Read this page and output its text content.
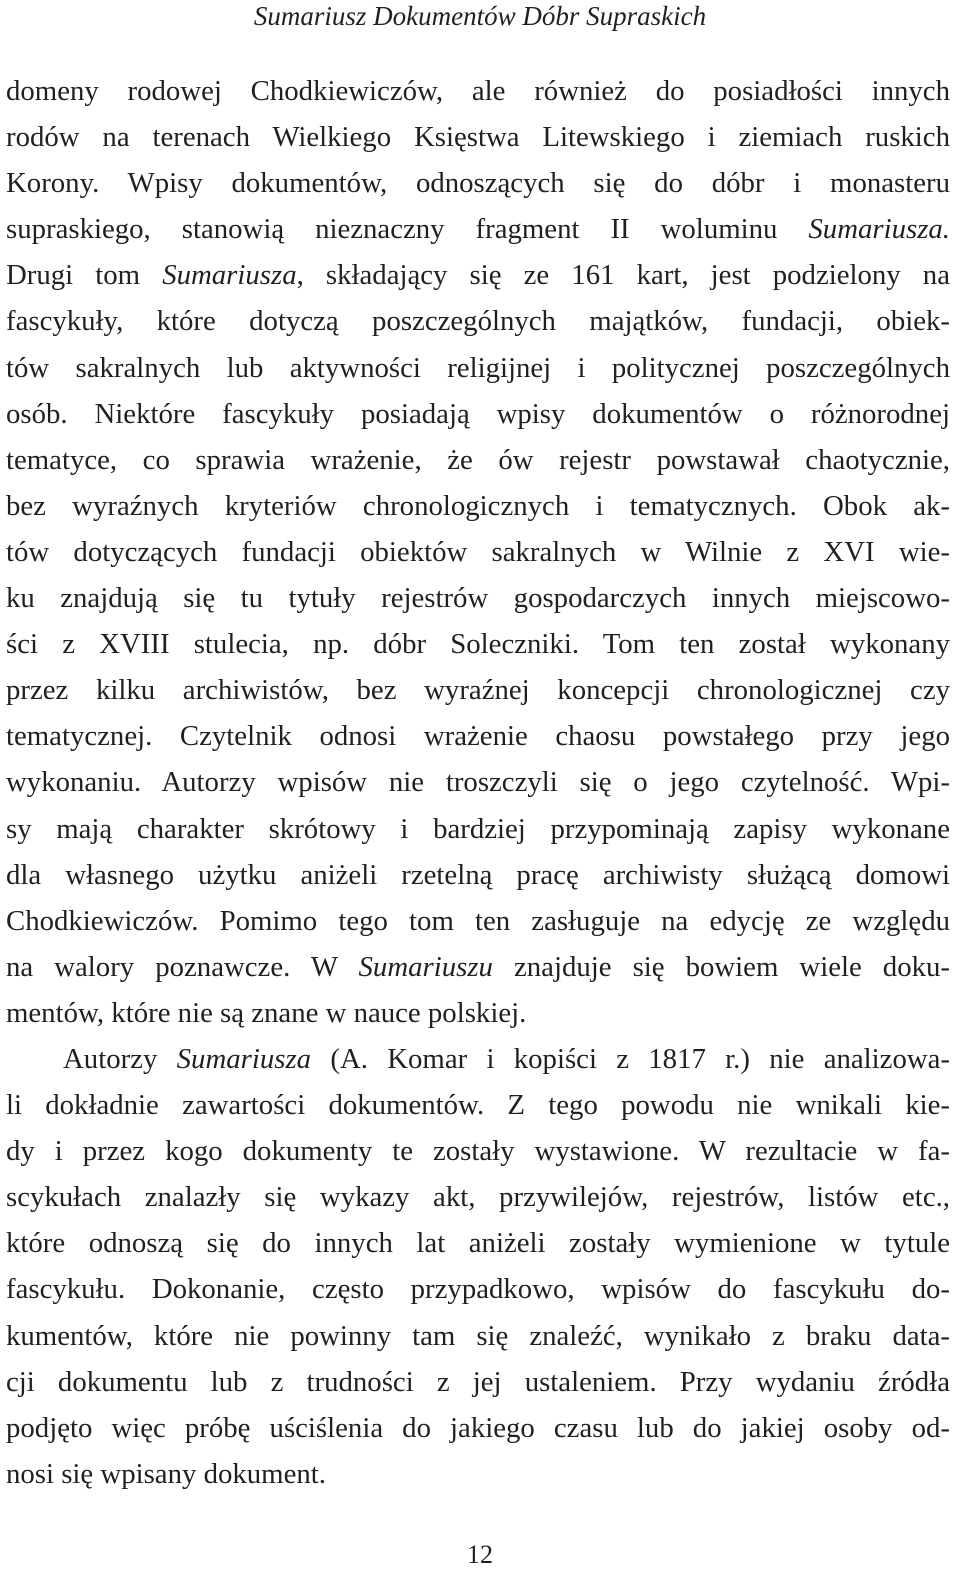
Sumariusz Dokumentów Dóbr Supraskich
domeny rodowej Chodkiewiczów, ale również do posiadłości innych
rodów na terenach Wielkiego Księstwa Litewskiego i ziemiach ruskich
Korony. Wpisy dokumentów, odnoszących się do dóbr i monasteru
supraskiego, stanowią nieznaczny fragment II woluminu Sumariusza.
Drugi tom Sumariusza, składający się ze 161 kart, jest podzielony na
fascykuły, które dotyczą poszczególnych majątków, fundacji, obiek-
tów sakralnych lub aktywności religijnej i politycznej poszczególnych
osób. Niektóre fascykuły posiadają wpisy dokumentów o różnorodnej
tematyce, co sprawia wrażenie, że ów rejestr powstawał chaotycznie,
bez wyraźnych kryteriów chronologicznych i tematycznych. Obok ak-
tów dotyczących fundacji obiektów sakralnych w Wilnie z XVI wie-
ku znajdują się tu tytuły rejestrów gospodarczych innych miejscowo-
ści z XVIII stulecia, np. dóbr Soleczniki. Tom ten został wykonany
przez kilku archiwistów, bez wyraźnej koncepcji chronologicznej czy
tematycznej. Czytelnik odnosi wrażenie chaosu powstałego przy jego
wykonaniu. Autorzy wpisów nie troszczyli się o jego czytelność. Wpi-
sy mają charakter skrótowy i bardziej przypominają zapisy wykonane
dla własnego użytku aniżeli rzetelną pracę archiwisty służącą domowi
Chodkiewiczów. Pomimo tego tom ten zasługuje na edycję ze względu
na walory poznawcze. W Sumariuszu znajduje się bowiem wiele doku-
mentów, które nie są znane w nauce polskiej.
Autorzy Sumariusza (A. Komar i kopiści z 1817 r.) nie analizowa-
li dokładnie zawartości dokumentów. Z tego powodu nie wnikali kie-
dy i przez kogo dokumenty te zostały wystawione. W rezultacie w fa-
scykułach znalazły się wykazy akt, przywilejów, rejestrów, listów etc.,
które odnoszą się do innych lat aniżeli zostały wymienione w tytule
fascykułu. Dokonanie, często przypadkowo, wpisów do fascykułu do-
kumentów, które nie powinny tam się znaleźć, wynikało z braku data-
cji dokumentu lub z trudności z jej ustaleniem. Przy wydaniu źródła
podjęto więc próbę uściślenia do jakiego czasu lub do jakiej osoby od-
nosi się wpisany dokument.
12
